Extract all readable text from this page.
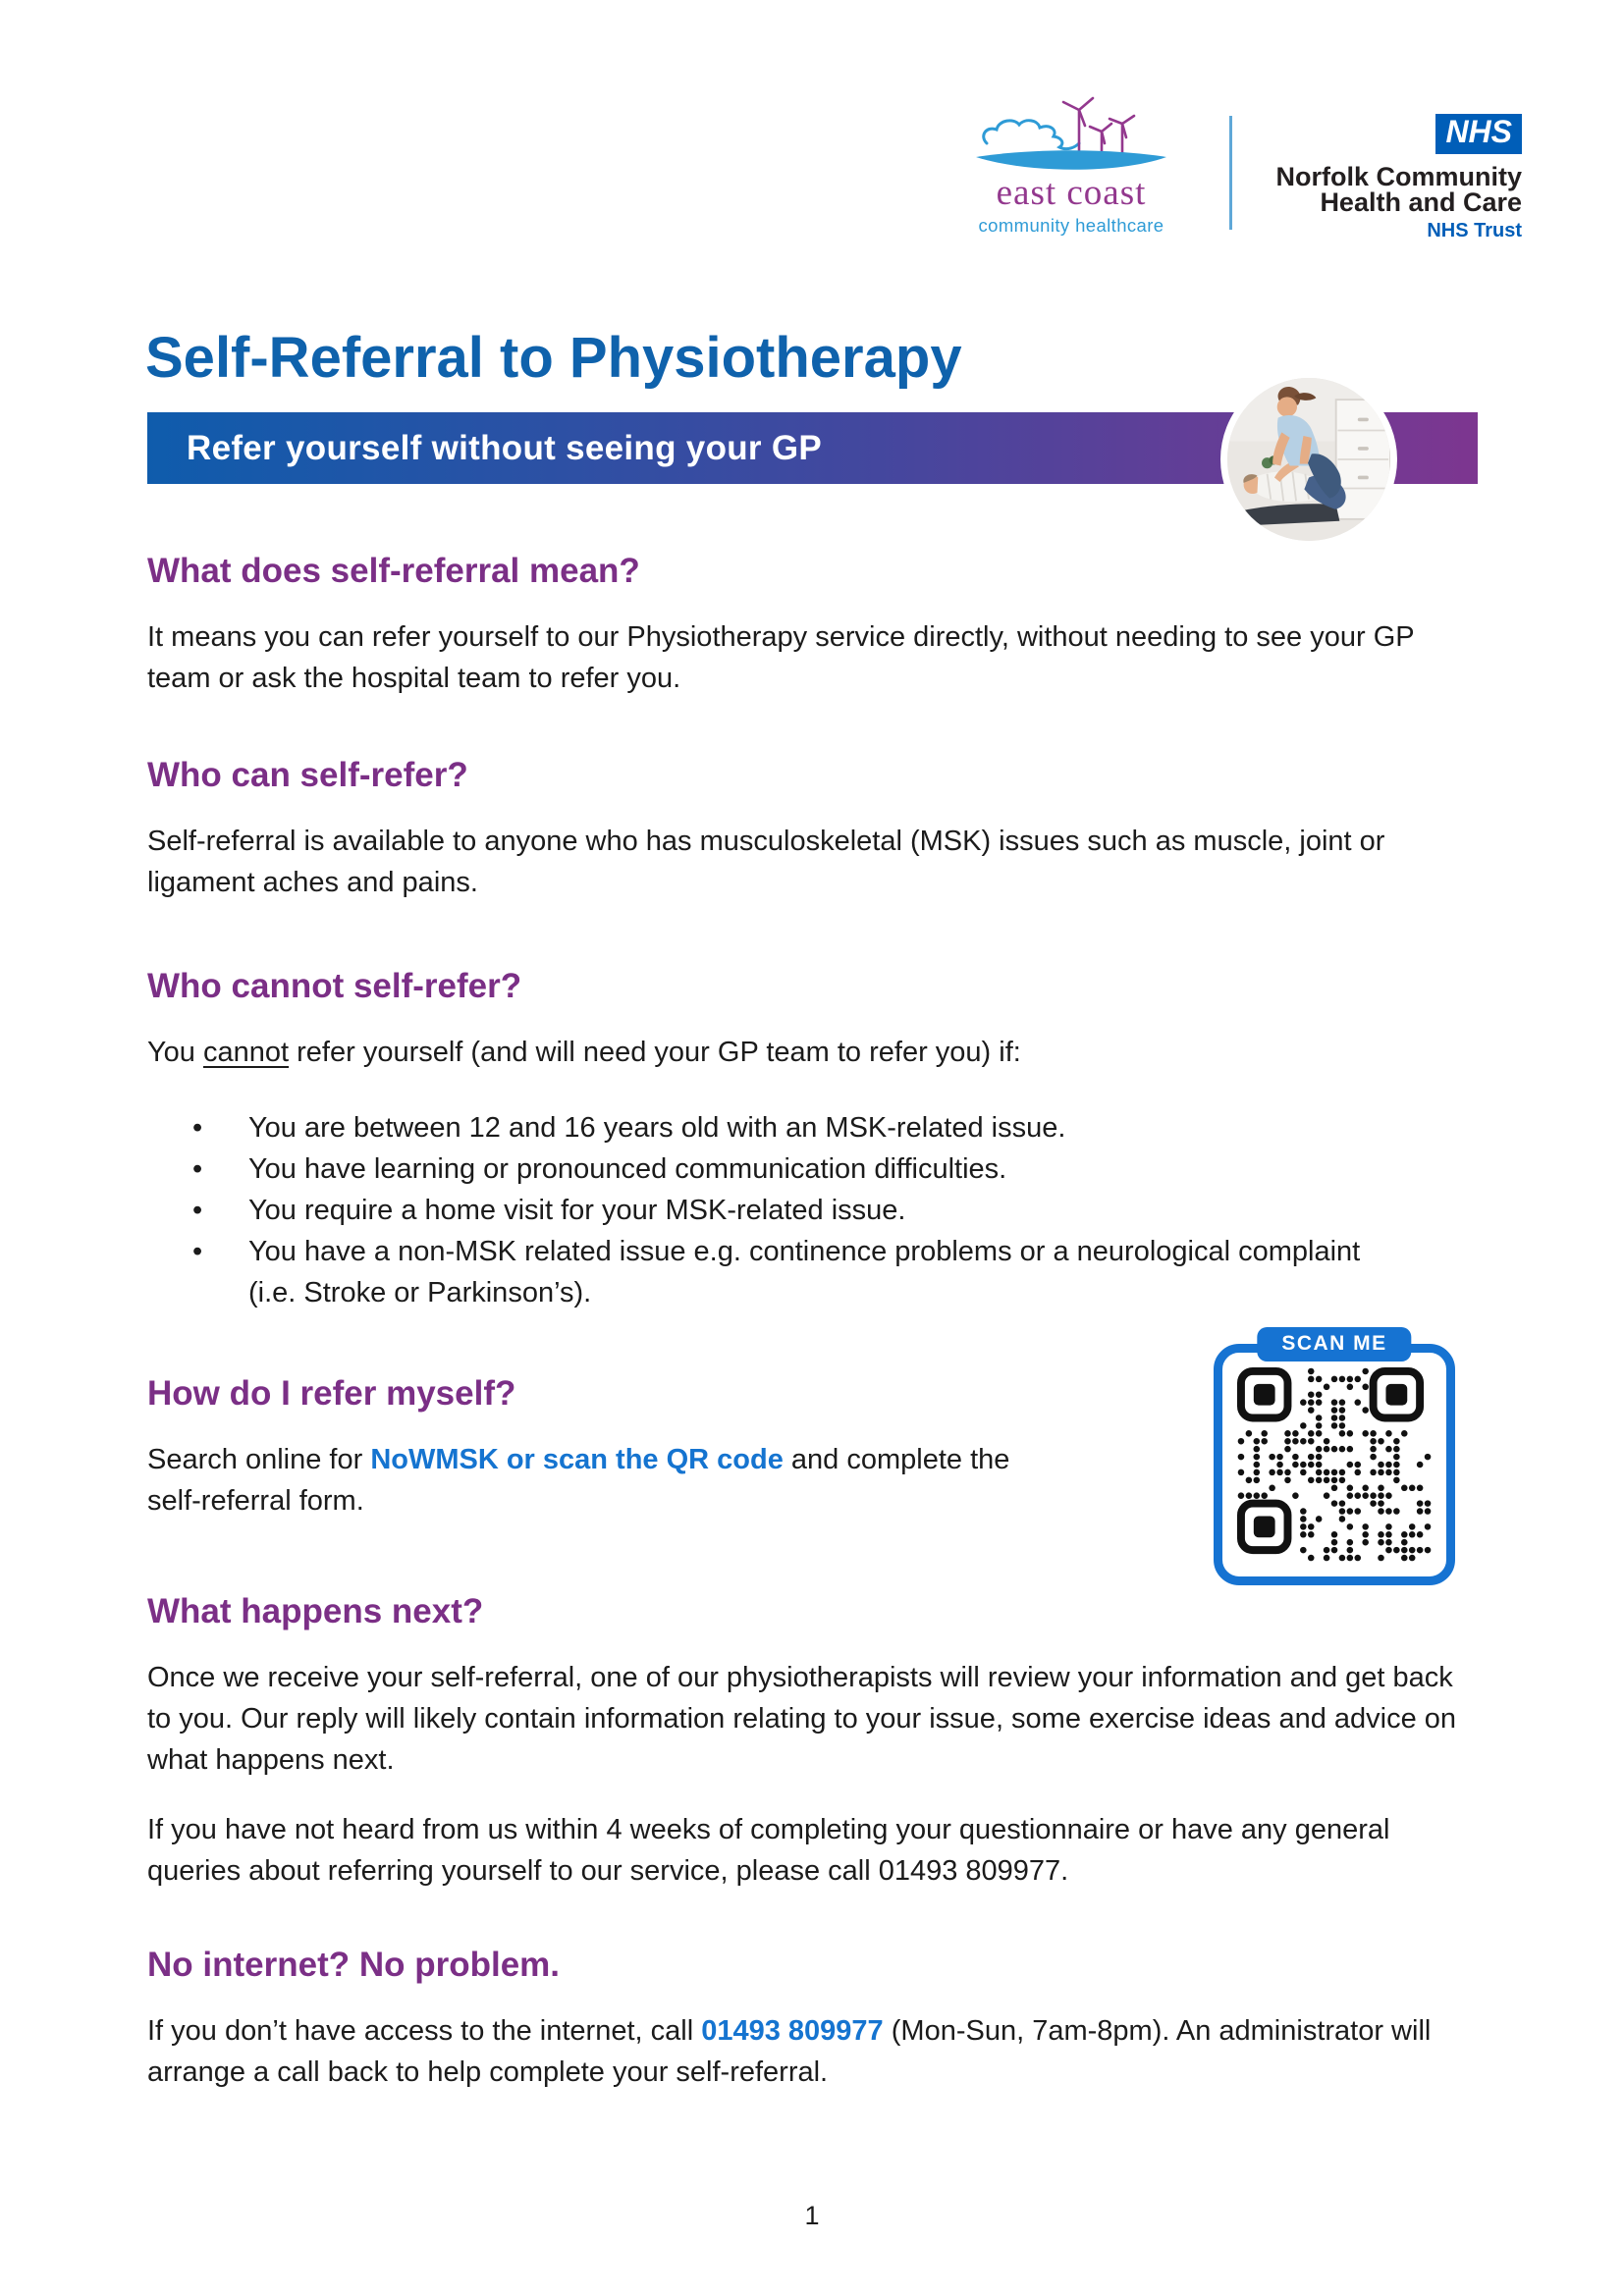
east coast
community healthcare
NHS
Norfolk Community
Health and Care
NHS Trust
Self-Referral to Physiotherapy
Refer yourself without seeing your GP
What does self-referral mean?

It means you can refer yourself to our Physiotherapy service directly, without needing to see your GP team or ask the hospital team to refer you.

Who can self-refer?

Self-referral is available to anyone who has musculoskeletal (MSK) issues such as muscle, joint or ligament aches and pains.

Who cannot self-refer?

You cannot refer yourself (and will need your GP team to refer you) if:

•	You are between 12 and 16 years old with an MSK-related issue.
•	You have learning or pronounced communication difficulties.
•	You require a home visit for your MSK-related issue.
•	You have a non-MSK related issue e.g. continence problems or a neurological complaint (i.e. Stroke or Parkinson’s).
How do I refer myself?

Search online for NoWMSK or scan the QR code and complete the self-referral form.

SCAN ME
What happens next?

Once we receive your self-referral, one of our physiotherapists will review your information and get back to you. Our reply will likely contain information relating to your issue, some exercise ideas and advice on what happens next.

If you have not heard from us within 4 weeks of completing your questionnaire or have any general queries about referring yourself to our service, please call 01493 809977.

No internet? No problem.

If you don’t have access to the internet, call 01493 809977 (Mon-Sun, 7am-8pm). An administrator will arrange a call back to help complete your self-referral.

1
